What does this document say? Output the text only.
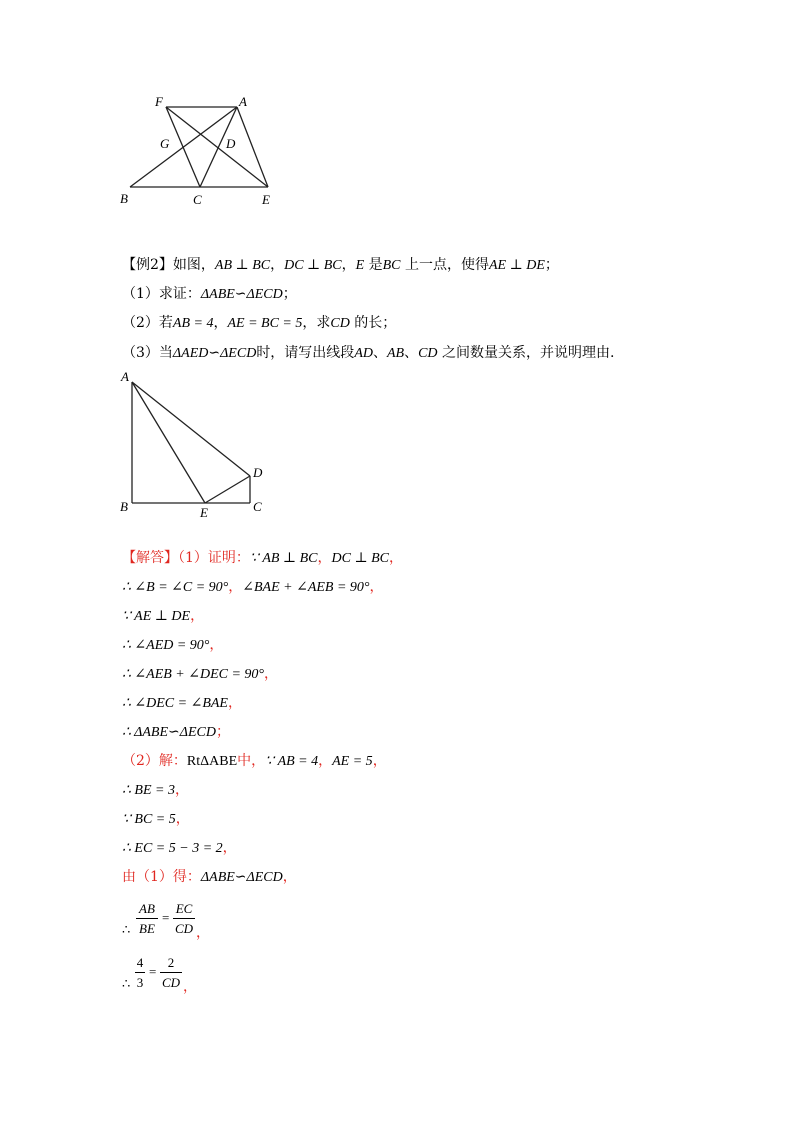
F	A
G	D
B	C	E
A
B	E	C
D
【例2】如图，AB ⊥ BC，DC ⊥ BC，E 是BC 上一点，使得AE ⊥ DE；
（1）求证：ΔABE∽ΔECD；
（2）若AB = 4，AE = BC = 5，求CD 的长；
（3）当ΔAED∽ΔECD时，请写出线段AD、AB、CD 之间数量关系，并说明理由.
【解答】（1）证明：∵ AB ⊥ BC，DC ⊥ BC，
∴ ∠B = ∠C = 90°，∠BAE + ∠AEB = 90°，
∵ AE ⊥ DE，
∴ ∠AED = 90°，
∴ ∠AEB + ∠DEC = 90°，
∴ ∠DEC = ∠BAE，
∴ ΔABE∽ΔECD；
（2）解：RtΔABE中，∵ AB = 4，AE = 5，
∴ BE = 3，
∵ BC = 5，
∴ EC = 5 − 3 = 2，
由（1）得：ΔABE∽ΔECD，
∴
AB
BE
=
EC
CD ，
∴
4
3
=
2
CD ，
